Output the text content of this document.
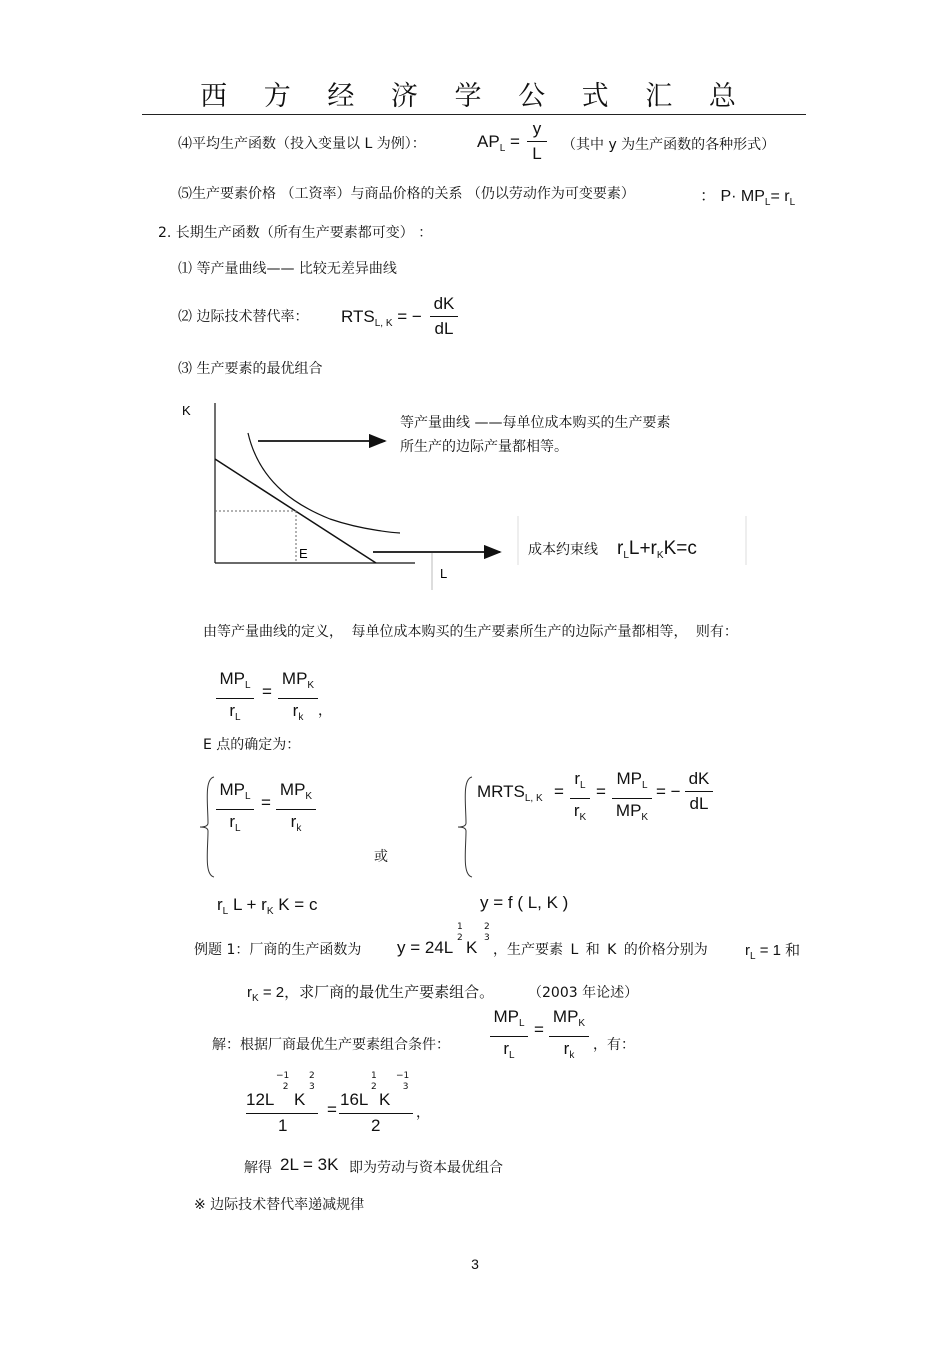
西 方 经 济 学 公 式 汇 总
⑷平均生产函数（投入变量以 L 为例）：	$AP_L$ =
y
L	（其中 y 为生产函数的各种形式）
⑸生产要素价格 （工资率）与商品价格的关系 （仍以劳动作为可变要素）	： $P\cdot MP_L= r_L$
2. 长期生产函数（所有生产要素都可变） ：
⑴ 等产量曲线—— 比较无差异曲线
⑵ 边际技术替代率： $RTS_{L, K}$ = −
dK
dL
⑶ 生产要素的最优组合
K
E
L
等产量曲线 ——每单位成本购买的生产要素
所生产的边际产量都相等。
成本约束线 $r_LL+r_KK=c$
由等产量曲线的定义， 每单位成本购买的生产要素所生产的边际产量都相等， 则有：
$MP_L$
$r_L$
=
$MP_K$
$r_k$	，
E 点的确定为：
$MP_L$
$r_L$
=
$MP_K$
$r_k$
或
$MRTS_{L, K}$ =
$r_L$
$r_K$
=
$MP_L$
$MP_K$
= −
dK
dL
$r_L$ $L + r_K$ K = c	y = f ( L, K )
例题 1：厂商的生产函数为 y = 24L
1
2 K
2
3
，生产要素 L 和 K 的价格分别为 $r_L = 1$ 和
$r_K = 2$，求厂商的最优生产要素组合。 （2003 年论述）
解：根据厂商最优生产要素组合条件：
$MP_L$
$r_L$
=
$MP_K$
$r_k$
，有：
12L
−1
2
K
2
3
1
=
16L
1
2
K
−1
3
2
，
解得 2L = 3K 即为劳动与资本最优组合
※ 边际技术替代率递减规律
3
